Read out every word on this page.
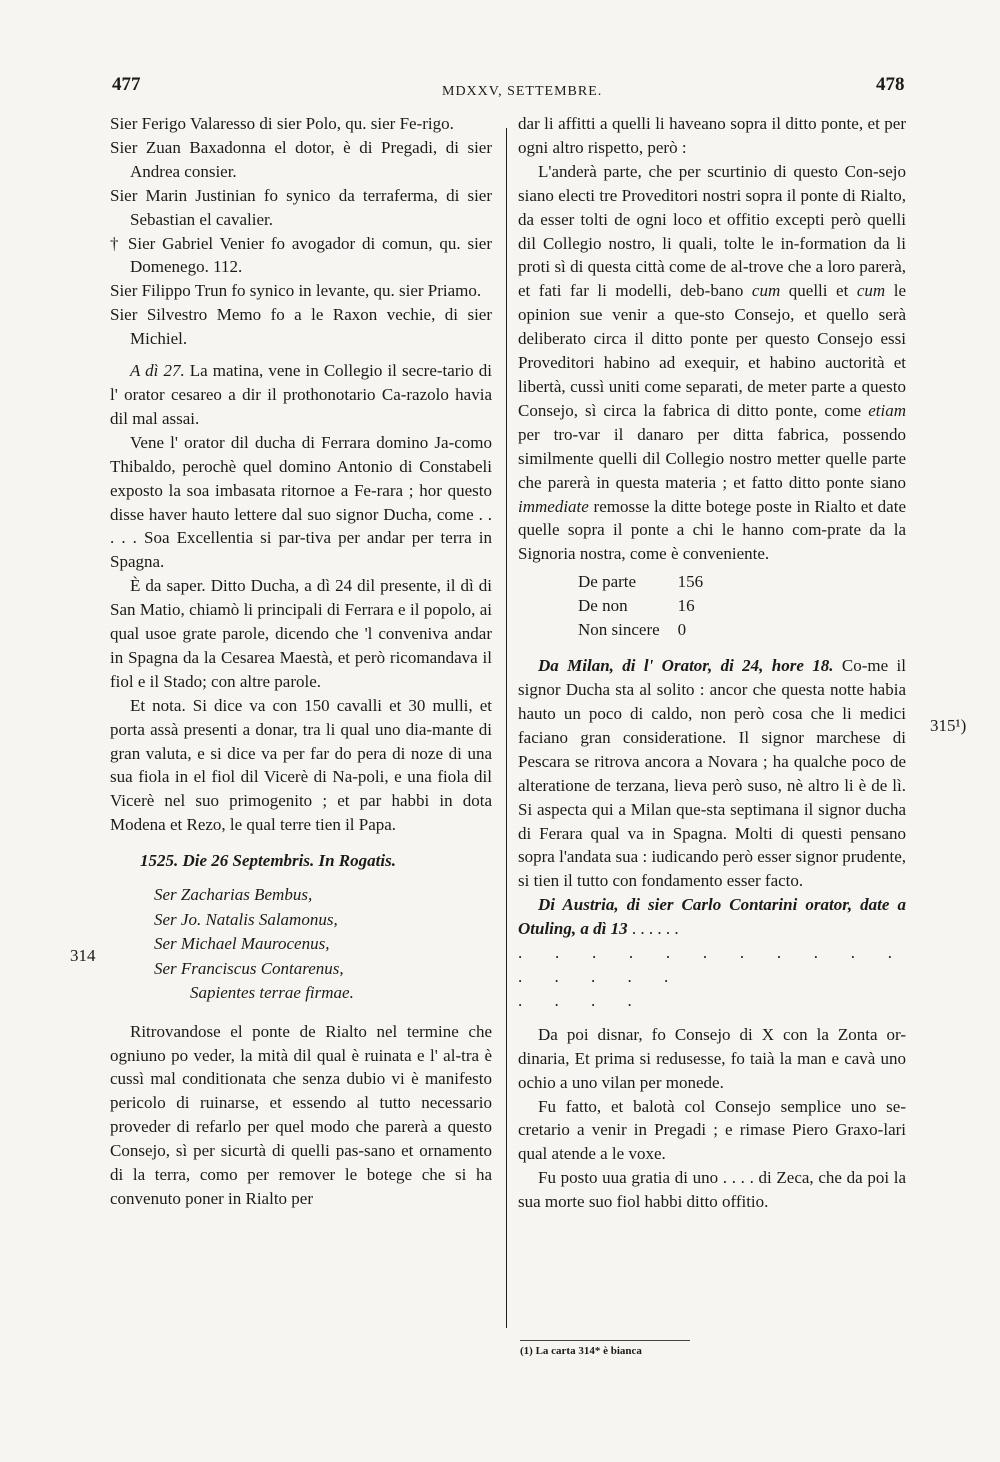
477	MDXXV, SETTEMBRE.	478
314
315¹)

Sier Ferigo Valaresso di sier Polo, qu. sier Fe-rigo.

Sier Zuan Baxadonna el dotor, è di Pregadi, di sier Andrea consier.

Sier Marin Justinian fo synico da terraferma, di sier Sebastian el cavalier.

† Sier Gabriel Venier fo avogador di comun, qu. sier Domenego. 112.

Sier Filippo Trun fo synico in levante, qu. sier Priamo.

Sier Silvestro Memo fo a le Raxon vechie, di sier Michiel.

A dì 27. La matina, vene in Collegio il secre-tario di l' orator cesareo a dir il prothonotario Ca-razolo havia dil mal assai.

Vene l' orator dil ducha di Ferrara domino Ja-como Thibaldo, perochè quel domino Antonio di Constabeli exposto la soa imbasata ritornoe a Fe-rara ; hor questo disse haver hauto lettere dal suo signor Ducha, come . . . . . Soa Excellentia si par-tiva per andar per terra in Spagna.

È da saper. Ditto Ducha, a dì 24 dil presente, il dì di San Matio, chiamò li principali di Ferrara e il popolo, ai qual usoe grate parole, dicendo che 'l conveniva andar in Spagna da la Cesarea Maestà, et però ricomandava il fiol e il Stado; con altre parole.

Et nota. Si dice va con 150 cavalli et 30 mulli, et porta assà presenti a donar, tra li qual uno dia-mante di gran valuta, e si dice va per far do pera di noze di una sua fiola in el fiol dil Vicerè di Na-poli, e una fiola dil Vicerè nel suo primogenito ; et par habbi in dota Modena et Rezo, le qual terre tien il Papa.

1525. Die 26 Septembris. In Rogatis.

Ser Zacharias Bembus,
Ser Jo. Natalis Salamonus,
Ser Michael Maurocenus,
Ser Franciscus Contarenus,
Sapientes terrae firmae.

Ritrovandose el ponte de Rialto nel termine che ogniuno po veder, la mità dil qual è ruinata e l' al-tra è cussì mal conditionata che senza dubio vi è manifesto pericolo di ruinarse, et essendo al tutto necessario proveder di refarlo per quel modo che parerà a questo Consejo, sì per sicurtà di quelli pas-sano et ornamento di la terra, como per remover le botege che si ha convenuto poner in Rialto per

dar li affitti a quelli li haveano sopra il ditto ponte, et per ogni altro rispetto, però :

L'anderà parte, che per scurtinio di questo Con-sejo siano electi tre Proveditori nostri sopra il ponte di Rialto, da esser tolti de ogni loco et offitio excepti però quelli dil Collegio nostro, li quali, tolte le in-formation da li proti sì di questa città come de al-trove che a loro parerà, et fati far li modelli, deb-bano cum quelli et cum le opinion sue venir a que-sto Consejo, et quello serà deliberato circa il ditto ponte per questo Consejo essi Proveditori habino ad exequir, et habino auctorità et libertà, cussì uniti come separati, de meter parte a questo Consejo, sì circa la fabrica di ditto ponte, come etiam per tro-var il danaro per ditta fabrica, possendo similmente quelli dil Collegio nostro metter quelle parte che parerà in questa materia ; et fatto ditto ponte siano immediate remosse la ditte botege poste in Rialto et date quelle sopra il ponte a chi le hanno com-prate da la Signoria nostra, come è conveniente.

De parte	156
De non	16
Non sincere	0

Da Milan, di l' Orator, di 24, hore 18. Co-me il signor Ducha sta al solito : ancor che questa notte habia hauto un poco di caldo, non però cosa che li medici faciano gran consideratione. Il signor marchese di Pescara se ritrova ancora a Novara ; ha qualche poco de alteratione de terzana, lieva però suso, nè altro li è de lì. Si aspecta qui a Milan que-sta septimana il signor ducha di Ferara qual va in Spagna. Molti di questi pensano sopra l'andata sua : iudicando però esser signor prudente, si tien il tutto con fondamento esser facto.

Di Austria, di sier Carlo Contarini orator, date a Otuling, a dì 13 . . . . . .

. . . . . . . . . . . . . . . .

. . . .

Da poi disnar, fo Consejo di X con la Zonta or-dinaria, Et prima si redusesse, fo taià la man e cavà uno ochio a uno vilan per monede.

Fu fatto, et balotà col Consejo semplice uno se-cretario a venir in Pregadi ; e rimase Piero Graxo-lari qual atende a le voxe.

Fu posto uua gratia di uno . . . . di Zeca, che da poi la sua morte suo fiol habbi ditto offitio.

(1) La carta 314* è bianca
